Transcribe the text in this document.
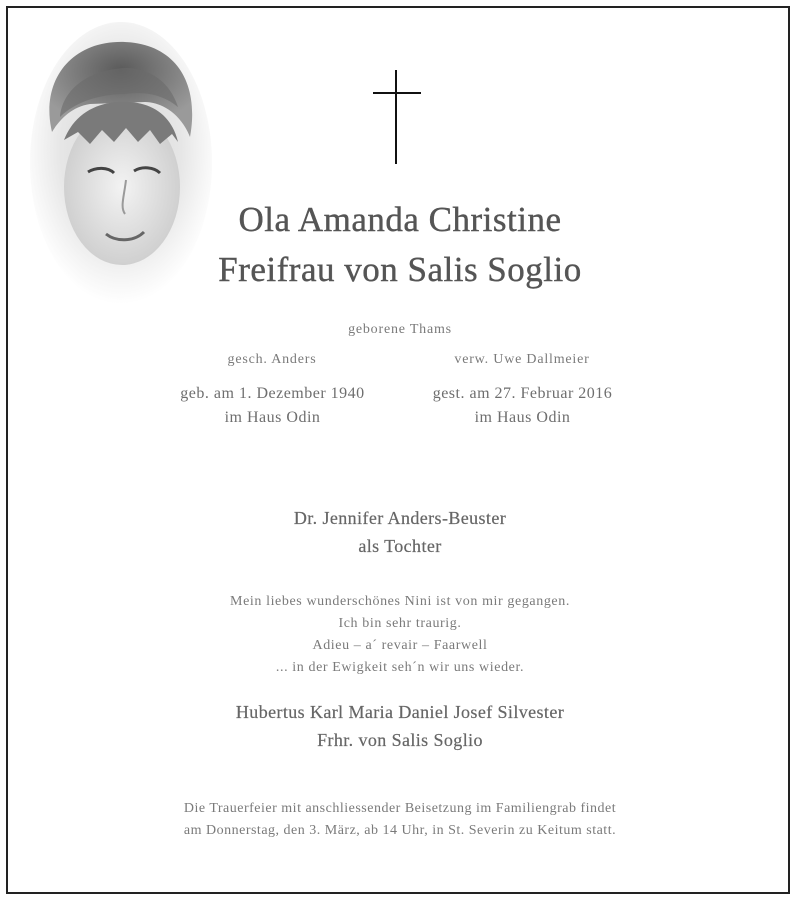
Ola Amanda Christine
Freifrau von Salis Soglio
geborene Thams
gesch. Anders	verw. Uwe Dallmeier
geb. am 1. Dezember 1940
im Haus Odin
gest. am 27. Februar 2016
im Haus Odin
Dr. Jennifer Anders-Beuster
als Tochter
Mein liebes wunderschönes Nini ist von mir gegangen.
Ich bin sehr traurig.
Adieu – a´ revair – Faarwell
... in der Ewigkeit seh´n wir uns wieder.
Hubertus Karl Maria Daniel Josef Silvester
Frhr. von Salis Soglio
Die Trauerfeier mit anschliessender Beisetzung im Familiengrab findet
am Donnerstag, den 3. März, ab 14 Uhr, in St. Severin zu Keitum statt.
